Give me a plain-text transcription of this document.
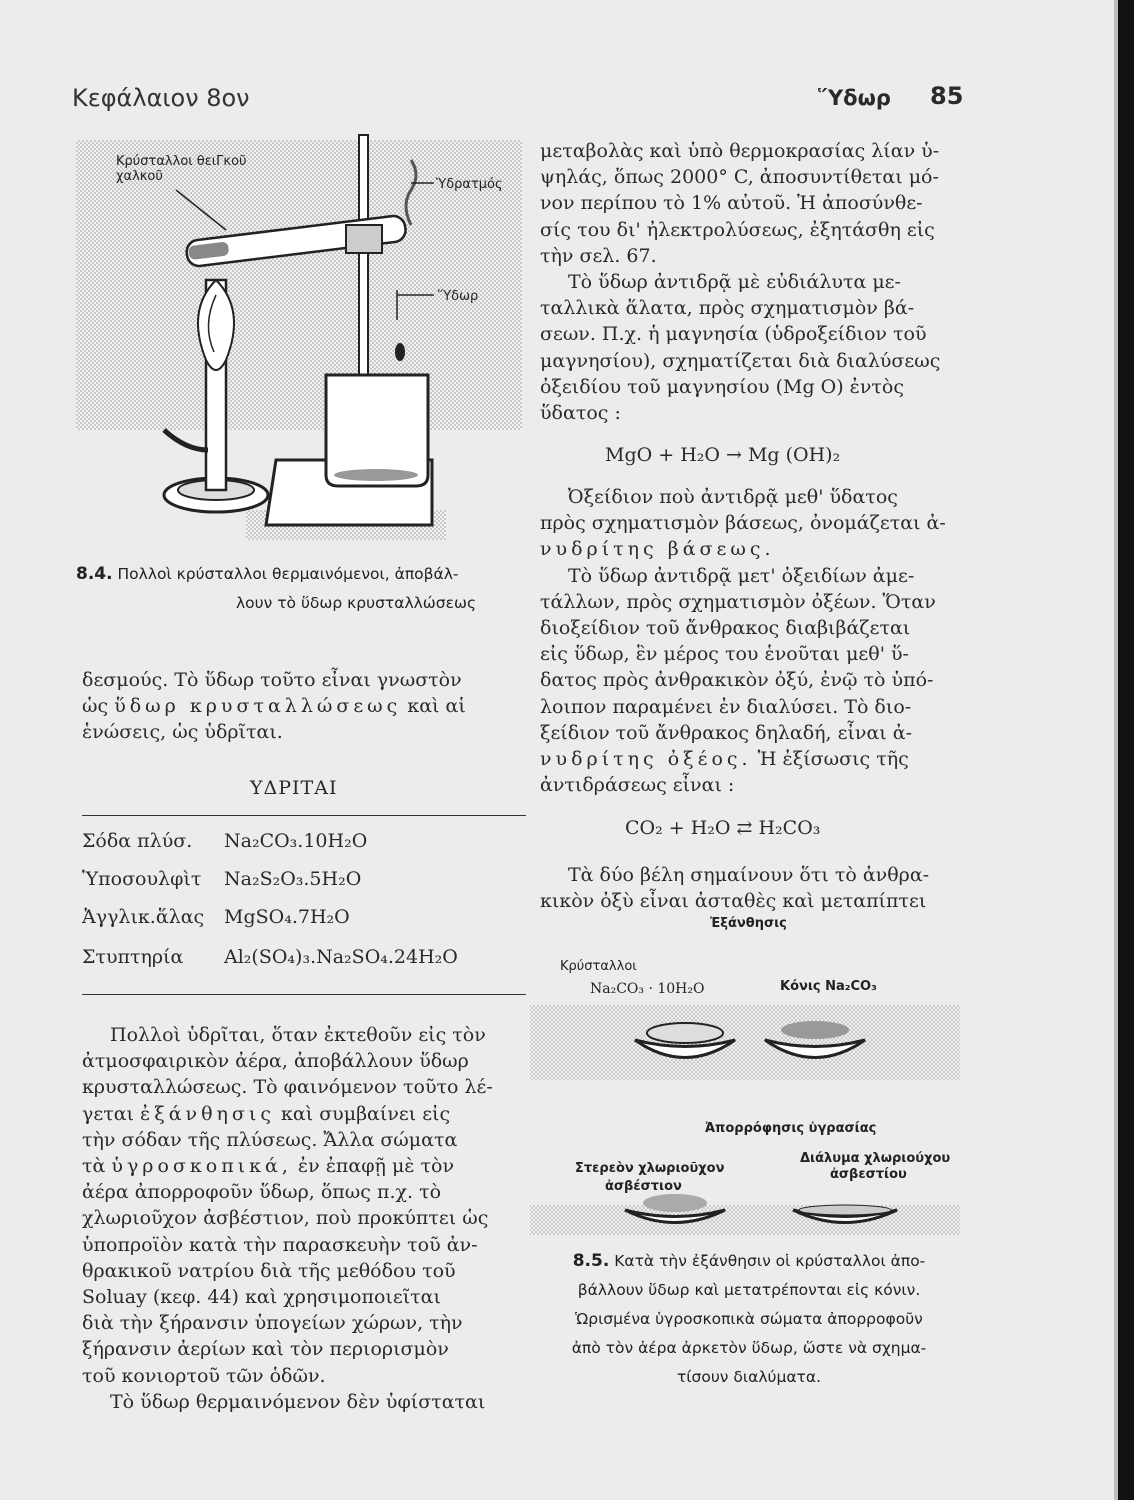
Κεφάλαιον 8ον	Ὕδωρ 85
Κρύσταλλοι θειΓκοῦ
χαλκοῦ
Ὑδρατμός
Ὕδωρ
8.4. Πολλοὶ κρύσταλλοι θερμαινόμενοι, ἀποβάλ-
λουν τὸ ὕδωρ κρυσταλλώσεως

μεταβολὰς καὶ ὑπὸ θερμοκρασίας λίαν ὑ-

ψηλάς, ὅπως 2000° C, ἀποσυντίθεται μό-

νον περίπου τὸ 1% αὐτοῦ. Ἡ ἀποσύνθε-

σίς του δι' ἠλεκτρολύσεως, ἐξητάσθη εἰς

τὴν σελ. 67.

Τὸ ὕδωρ ἀντιδρᾷ μὲ εὐδιάλυτα με-

ταλλικὰ ἅλατα, πρὸς σχηματισμὸν βά-

σεων. Π.χ. ἡ μαγνησία (ὑδροξείδιον τοῦ

μαγνησίου), σχηματίζεται διὰ διαλύσεως

ὀξειδίου τοῦ μαγνησίου (Mg O) ἐντὸς

ὕδατος :

MgO + H₂O → Mg (OH)₂

Ὀξείδιον ποὺ ἀντιδρᾷ μεθ' ὕδατος

πρὸς σχηματισμὸν βάσεως, ὀνομάζεται ἀ-

νυδρίτης βάσεως.

Τὸ ὕδωρ ἀντιδρᾷ μετ' ὀξειδίων ἀμε-

τάλλων, πρὸς σχηματισμὸν ὀξέων. Ὅταν

διοξείδιον τοῦ ἄνθρακος διαβιβάζεται

εἰς ὕδωρ, ἓν μέρος του ἑνοῦται μεθ' ὕ-

δατος πρὸς ἀνθρακικὸν ὀξύ, ἐνῷ τὸ ὑπό-

λοιπον παραμένει ἐν διαλύσει. Τὸ διο-

ξείδιον τοῦ ἄνθρακος δηλαδή, εἶναι ἀ-

νυδρίτης ὀξέος. Ἡ ἐξίσωσις τῆς

ἀντιδράσεως εἶναι :

CO₂ + H₂O ⇄ H₂CO₃

Τὰ δύο βέλη σημαίνουν ὅτι τὸ ἀνθρα-

κικὸν ὀξὺ εἶναι ἀσταθὲς καὶ μεταπίπτει

Ἐξάνθησις
Κρύσταλλοι
Na₂CO₃ · 10H₂O	Κόνις Na₂CO₃
Ἀπορρόφησις ὑγρασίας
Στερεὸν χλωριοῦχον
ἀσβέστιον
Διάλυμα χλωριούχου
ἀσβεστίου
8.5. Κατὰ τὴν ἐξάνθησιν οἱ κρύσταλλοι ἀπο-
βάλλουν ὕδωρ καὶ μετατρέπονται εἰς κόνιν.
Ὡρισμένα ὑγροσκοπικὰ σώματα ἀπορροφοῦν
ἀπὸ τὸν ἀέρα ἀρκετὸν ὕδωρ, ὥστε νὰ σχημα-
τίσουν διαλύματα.

δεσμούς. Τὸ ὕδωρ τοῦτο εἶναι γνωστὸν

ὡς ὕδωρ κρυσταλλώσεως καὶ αἱ

ἑνώσεις, ὡς ὑδρῖται.

ΥΔΡΙΤΑΙ
Σόδα πλύσ. Na₂CO₃.10H₂O
Ὑποσουλφὶτ Na₂S₂O₃.5H₂O
Ἀγγλικ.ἅλας MgSO₄.7H₂O
Στυπτηρία Al₂(SO₄)₃.Na₂SO₄.24H₂O

Πολλοὶ ὑδρῖται, ὅταν ἐκτεθοῦν εἰς τὸν

ἀτμοσφαιρικὸν ἀέρα, ἀποβάλλουν ὕδωρ

κρυσταλλώσεως. Τὸ φαινόμενον τοῦτο λέ-

γεται ἐξάνθησις καὶ συμβαίνει εἰς

τὴν σόδαν τῆς πλύσεως. Ἄλλα σώματα

τὰ ὑγροσκοπικά, ἐν ἐπαφῇ μὲ τὸν

ἀέρα ἀπορροφοῦν ὕδωρ, ὅπως π.χ. τὸ

χλωριοῦχον ἀσβέστιον, ποὺ προκύπτει ὡς

ὑποπροϊὸν κατὰ τὴν παρασκευὴν τοῦ ἀν-

θρακικοῦ νατρίου διὰ τῆς μεθόδου τοῦ

Soluay (κεφ. 44) καὶ χρησιμοποιεῖται

διὰ τὴν ξήρανσιν ὑπογείων χώρων, τὴν

ξήρανσιν ἀερίων καὶ τὸν περιορισμὸν

τοῦ κονιορτοῦ τῶν ὁδῶν.

Τὸ ὕδωρ θερμαινόμενον δὲν ὑφίσταται
